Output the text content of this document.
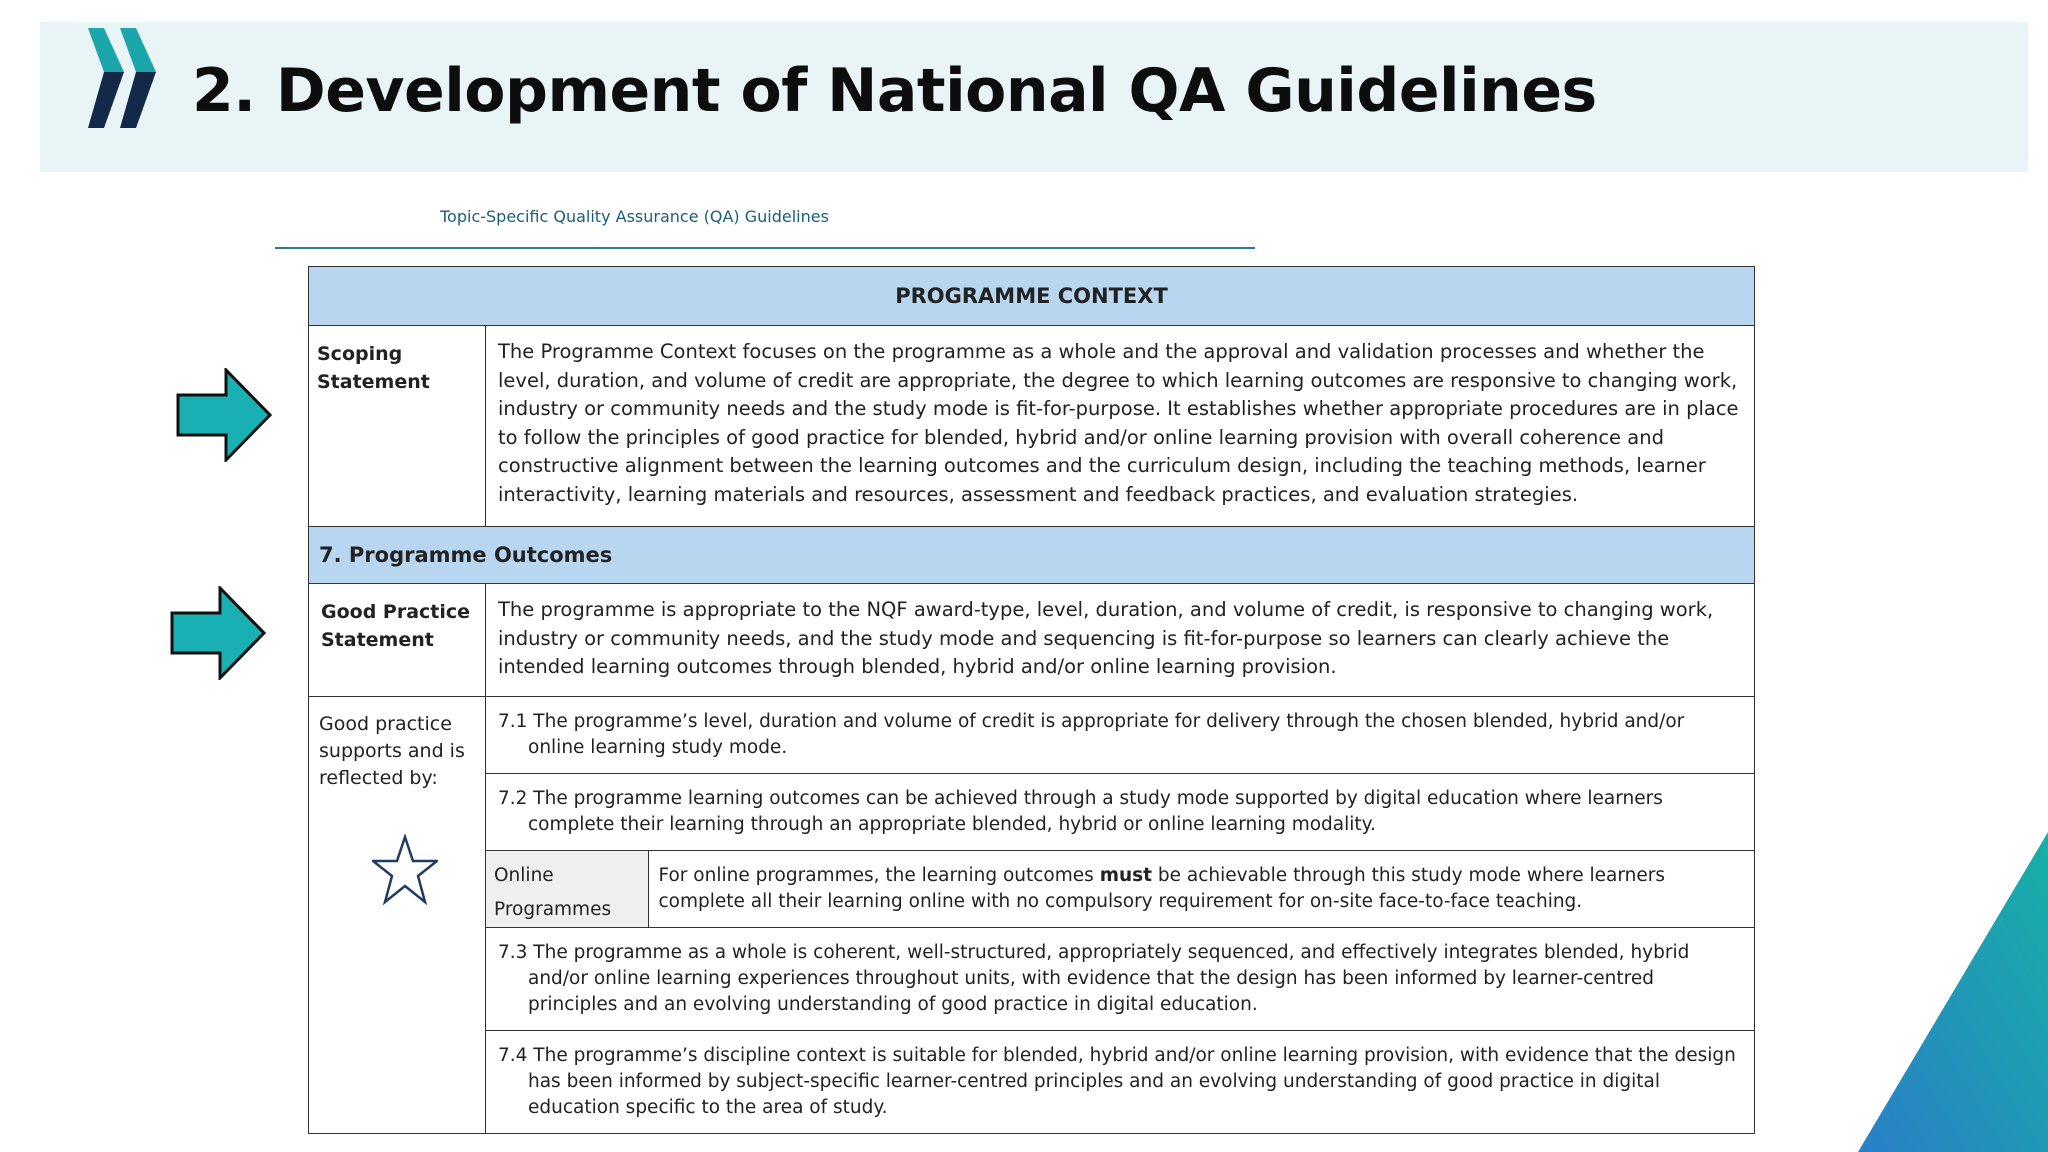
2. Development of National QA Guidelines
Topic-Specific Quality Assurance (QA) Guidelines
PROGRAMME CONTEXT
Scoping Statement	The Programme Context focuses on the programme as a whole and the approval and validation processes and whether the level, duration, and volume of credit are appropriate, the degree to which learning outcomes are responsive to changing work, industry or community needs and the study mode is fit-for-purpose. It establishes whether appropriate procedures are in place to follow the principles of good practice for blended, hybrid and/or online learning provision with overall coherence and constructive alignment between the learning outcomes and the curriculum design, including the teaching methods, learner interactivity, learning materials and resources, assessment and feedback practices, and evaluation strategies.
7. Programme Outcomes
Good Practice Statement	The programme is appropriate to the NQF award-type, level, duration, and volume of credit, is responsive to changing work, industry or community needs, and the study mode and sequencing is fit-for-purpose so learners can clearly achieve the intended learning outcomes through blended, hybrid and/or online learning provision.
Good practice supports and is reflected by:	
7.1 The programme’s level, duration and volume of credit is appropriate for delivery through the chosen blended, hybrid and/or online learning study mode.

7.2 The programme learning outcomes can be achieved through a study mode supported by digital education where learners complete their learning through an appropriate blended, hybrid or online learning modality.

Online Programmes	For online programmes, the learning outcomes must be achievable through this study mode where learners complete all their learning online with no compulsory requirement for on-site face-to-face teaching.

7.3 The programme as a whole is coherent, well-structured, appropriately sequenced, and effectively integrates blended, hybrid and/or online learning experiences throughout units, with evidence that the design has been informed by learner-centred principles and an evolving understanding of good practice in digital education.

7.4 The programme’s discipline context is suitable for blended, hybrid and/or online learning provision, with evidence that the design has been informed by subject-specific learner-centred principles and an evolving understanding of good practice in digital education specific to the area of study.
